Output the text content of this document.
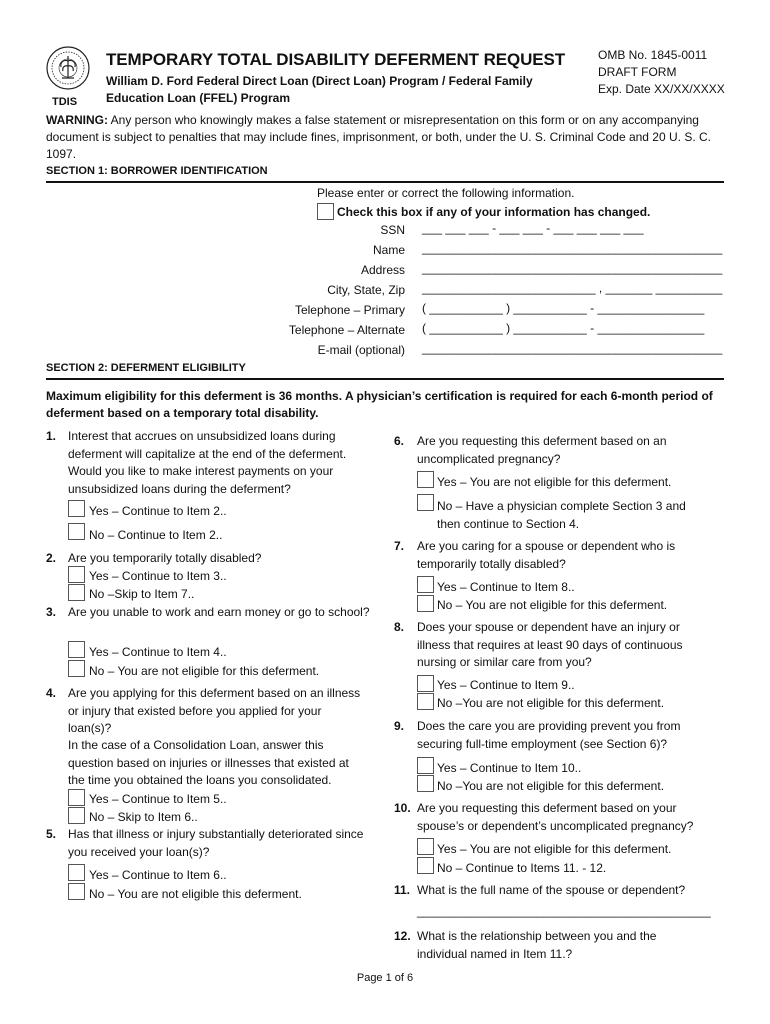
TDIS
TEMPORARY TOTAL DISABILITY DEFERMENT REQUEST
William D. Ford Federal Direct Loan (Direct Loan) Program / Federal Family Education Loan (FFEL) Program
OMB No. 1845-0011
DRAFT FORM
Exp. Date XX/XX/XXXX
WARNING: Any person who knowingly makes a false statement or misrepresentation on this form or on any accompanying document is subject to penalties that may include fines, imprisonment, or both, under the U. S. Criminal Code and 20 U. S. C. 1097.
SECTION 1: BORROWER IDENTIFICATION
Please enter or correct the following information.
Check this box if any of your information has changed.
SSN ___ ___ ___ - ___ ___ - ___ ___ ___ ___
Name _____________________________________________
Address _____________________________________________
City, State, Zip __________________________ , _______ __________
Telephone – Primary ( ___________ ) ___________ - ________________
Telephone – Alternate ( ___________ ) ___________ - ________________
E-mail (optional) _____________________________________________
SECTION 2: DEFERMENT ELIGIBILITY
Maximum eligibility for this deferment is 36 months. A physician’s certification is required for each 6-month period of deferment based on a temporary total disability.
1. Interest that accrues on unsubsidized loans during deferment will capitalize at the end of the deferment. Would you like to make interest payments on your unsubsidized loans during the deferment?
Yes – Continue to Item 2..
No – Continue to Item 2..
2. Are you temporarily totally disabled?
Yes – Continue to Item 3..
No –Skip to Item 7..
3. Are you unable to work and earn money or go to school?
Yes – Continue to Item 4..
No – You are not eligible for this deferment.
4. Are you applying for this deferment based on an illness or injury that existed before you applied for your loan(s)?
In the case of a Consolidation Loan, answer this question based on injuries or illnesses that existed at the time you obtained the loans you consolidated.
Yes – Continue to Item 5..
No – Skip to Item 6..
5. Has that illness or injury substantially deteriorated since you received your loan(s)?
Yes – Continue to Item 6..
No – You are not eligible this deferment.
6. Are you requesting this deferment based on an uncomplicated pregnancy?
Yes – You are not eligible for this deferment.
No – Have a physician complete Section 3 and then continue to Section 4.
7. Are you caring for a spouse or dependent who is temporarily totally disabled?
Yes – Continue to Item 8..
No – You are not eligible for this deferment.
8. Does your spouse or dependent have an injury or illness that requires at least 90 days of continuous nursing or similar care from you?
Yes – Continue to Item 9..
No –You are not eligible for this deferment.
9. Does the care you are providing prevent you from securing full-time employment (see Section 6)?
Yes – Continue to Item 10..
No –You are not eligible for this deferment.
10. Are you requesting this deferment based on your spouse’s or dependent’s uncomplicated pregnancy?
Yes – You are not eligible for this deferment.
No – Continue to Items 11. - 12.
11. What is the full name of the spouse or dependent?
____________________________________________
12. What is the relationship between you and the individual named in Item 11.?
Page 1 of 6
